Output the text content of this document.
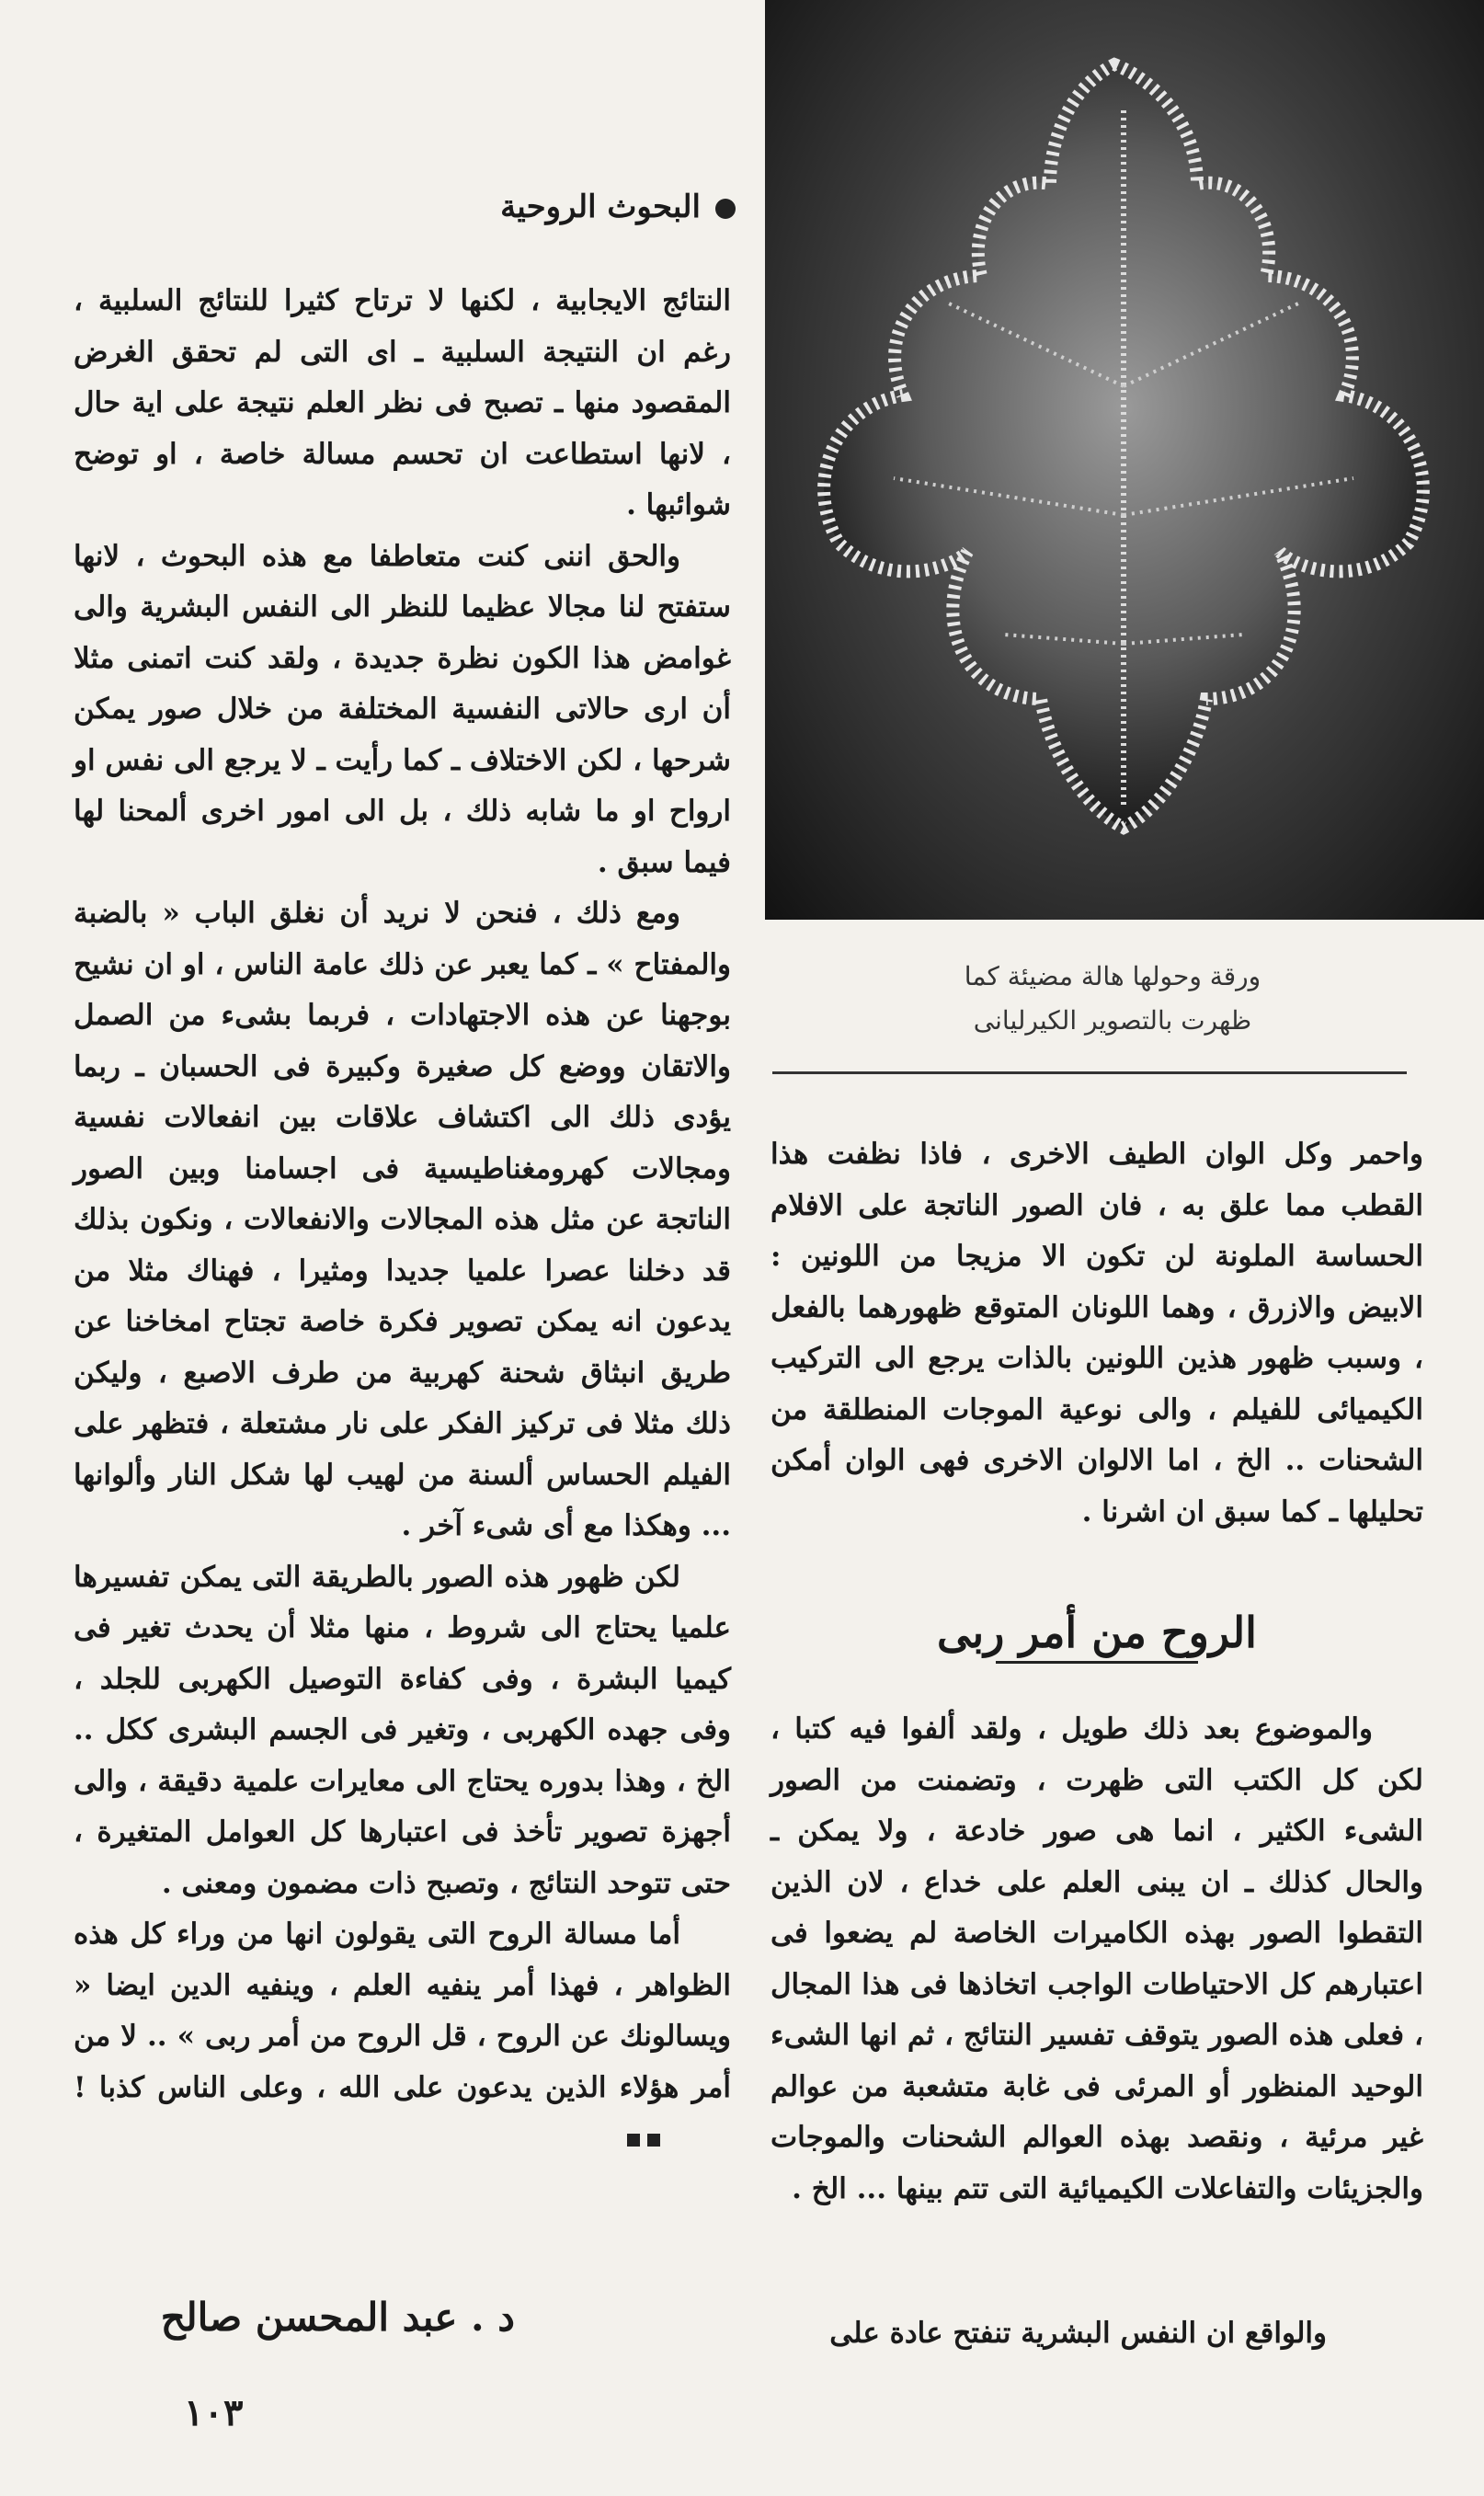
ورقة وحولها هالة مضيئة كما
ظهرت بالتصوير الكيرليانى
البحوث الروحية

النتائج الايجابية ، لكنها لا ترتاح كثيرا للنتائج السلبية ، رغم ان النتيجة السلبية ـ اى التى لم تحقق الغرض المقصود منها ـ تصبح فى نظر العلم نتيجة على اية حال ، لانها استطاعت ان تحسم مسالة خاصة ، او توضح شوائبها .

والحق اننى كنت متعاطفا مع هذه البحوث ، لانها ستفتح لنا مجالا عظيما للنظر الى النفس البشرية والى غوامض هذا الكون نظرة جديدة ، ولقد كنت اتمنى مثلا أن ارى حالاتى النفسية المختلفة من خلال صور يمكن شرحها ، لكن الاختلاف ـ كما رأيت ـ لا يرجع الى نفس او ارواح او ما شابه ذلك ، بل الى امور اخرى ألمحنا لها فيما سبق .

ومع ذلك ، فنحن لا نريد أن نغلق الباب « بالضبة والمفتاح » ـ كما يعبر عن ذلك عامة الناس ، او ان نشيح بوجهنا عن هذه الاجتهادات ، فربما بشىء من الصمل والاتقان ووضع كل صغيرة وكبيرة فى الحسبان ـ ربما يؤدى ذلك الى اكتشاف علاقات بين انفعالات نفسية ومجالات كهرومغناطيسية فى اجسامنا وبين الصور الناتجة عن مثل هذه المجالات والانفعالات ، ونكون بذلك قد دخلنا عصرا علميا جديدا ومثيرا ، فهناك مثلا من يدعون انه يمكن تصوير فكرة خاصة تجتاح امخاخنا عن طريق انبثاق شحنة كهربية من طرف الاصبع ، وليكن ذلك مثلا فى تركيز الفكر على نار مشتعلة ، فتظهر على الفيلم الحساس ألسنة من لهيب لها شكل النار وألوانها ... وهكذا مع أى شىء آخر .

لكن ظهور هذه الصور بالطريقة التى يمكن تفسيرها علميا يحتاج الى شروط ، منها مثلا أن يحدث تغير فى كيميا البشرة ، وفى كفاءة التوصيل الكهربى للجلد ، وفى جهده الكهربى ، وتغير فى الجسم البشرى ككل .. الخ ، وهذا بدوره يحتاج الى معايرات علمية دقيقة ، والى أجهزة تصوير تأخذ فى اعتبارها كل العوامل المتغيرة ، حتى تتوحد النتائج ، وتصبح ذات مضمون ومعنى .

أما مسالة الروح التى يقولون انها من وراء كل هذه الظواهر ، فهذا أمر ينفيه العلم ، وينفيه الدين ايضا « ويسالونك عن الروح ، قل الروح من أمر ربى » .. لا من أمر هؤلاء الذين يدعون على الله ، وعلى الناس كذبا !

واحمر وكل الوان الطيف الاخرى ، فاذا نظفت هذا القطب مما علق به ، فان الصور الناتجة على الافلام الحساسة الملونة لن تكون الا مزيجا من اللونين : الابيض والازرق ، وهما اللونان المتوقع ظهورهما بالفعل ، وسبب ظهور هذين اللونين بالذات يرجع الى التركيب الكيميائى للفيلم ، والى نوعية الموجات المنطلقة من الشحنات .. الخ ، اما الالوان الاخرى فهى الوان أمكن تحليلها ـ كما سبق ان اشرنا .

الروح من أمر ربى

والموضوع بعد ذلك طويل ، ولقد ألفوا فيه كتبا ، لكن كل الكتب التى ظهرت ، وتضمنت من الصور الشىء الكثير ، انما هى صور خادعة ، ولا يمكن ـ والحال كذلك ـ ان يبنى العلم على خداع ، لان الذين التقطوا الصور بهذه الكاميرات الخاصة لم يضعوا فى اعتبارهم كل الاحتياطات الواجب اتخاذها فى هذا المجال ، فعلى هذه الصور يتوقف تفسير النتائج ، ثم انها الشىء الوحيد المنظور أو المرئى فى غابة متشعبة من عوالم غير مرئية ، ونقصد بهذه العوالم الشحنات والموجات والجزيئات والتفاعلات الكيميائية التى تتم بينها ... الخ .

والواقع ان النفس البشرية تنفتح عادة على

د . عبد المحسن صالح
١٠٣
